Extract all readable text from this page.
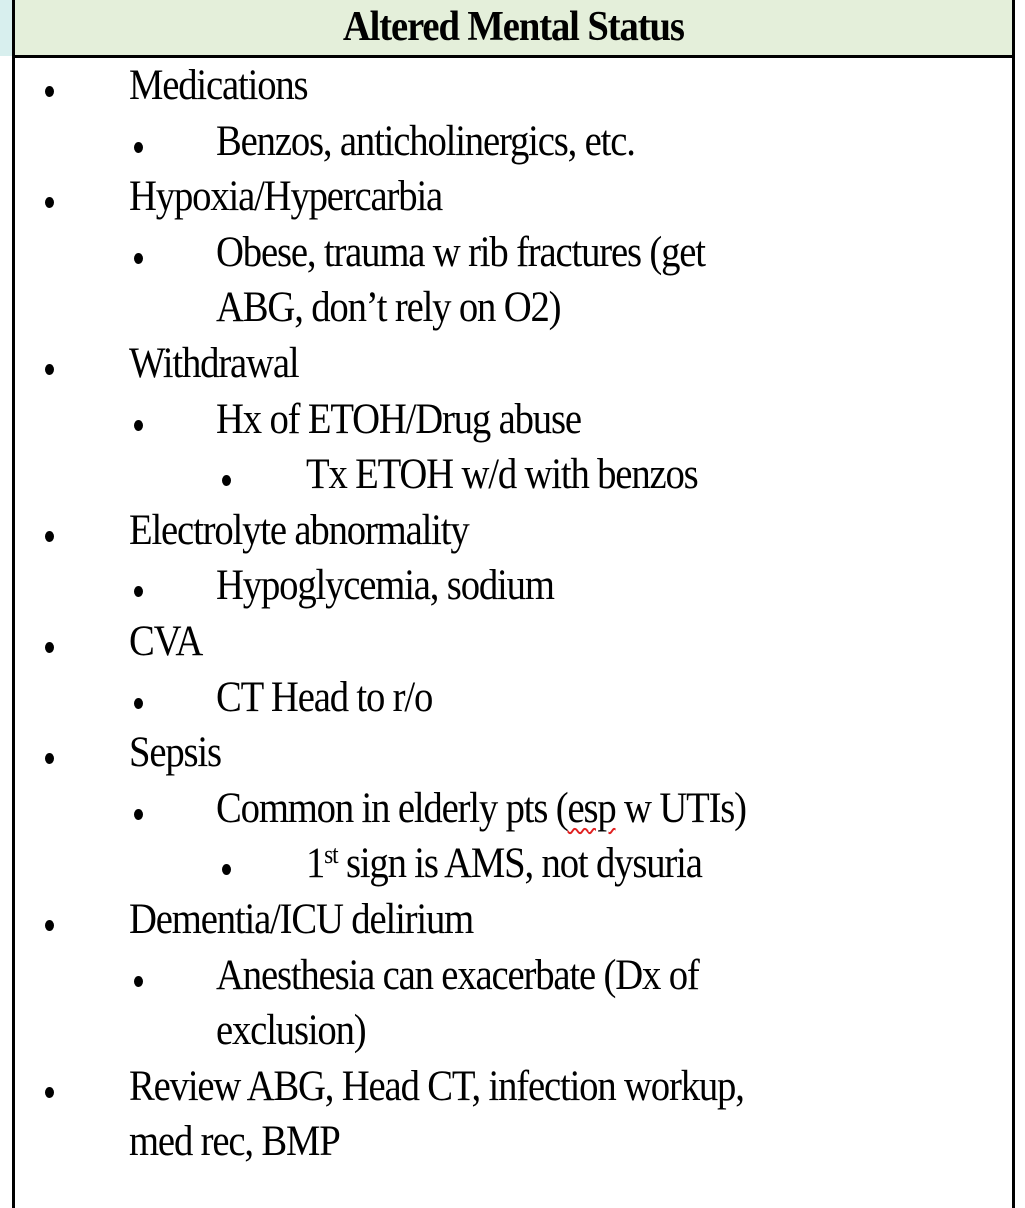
Altered Mental Status
Medications
Benzos, anticholinergics, etc.
Hypoxia/Hypercarbia
Obese, trauma w rib fractures (get
ABG, don’t rely on O2)
Withdrawal
Hx of ETOH/Drug abuse
Tx ETOH w/d with benzos
Electrolyte abnormality
Hypoglycemia, sodium
CVA
CT Head to r/o
Sepsis
Common in elderly pts (esp w UTIs)
1st sign is AMS, not dysuria
Dementia/ICU delirium
Anesthesia can exacerbate (Dx of
exclusion)
Review ABG, Head CT, infection workup,
med rec, BMP
